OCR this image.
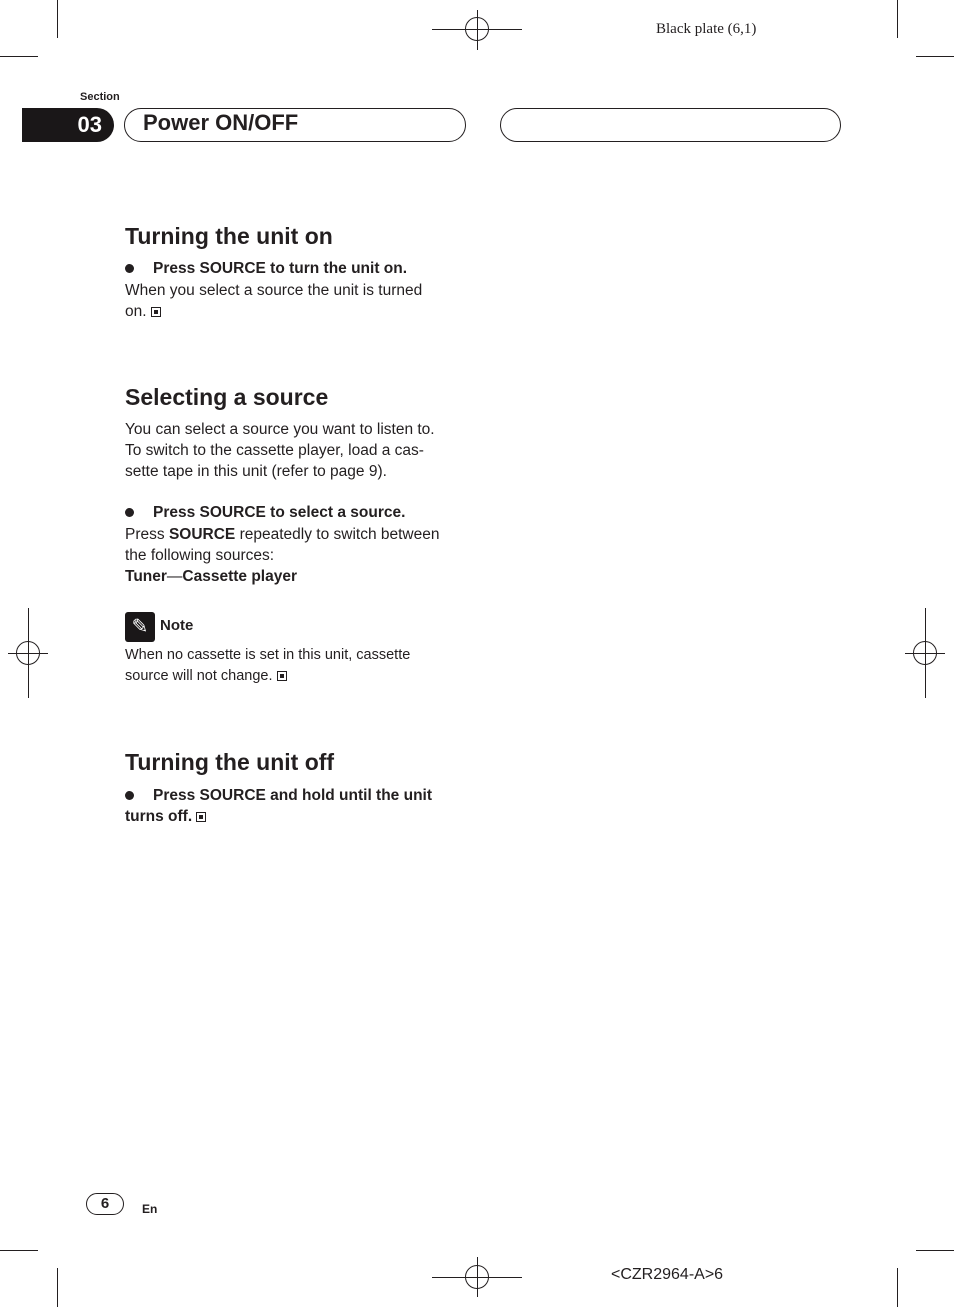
Black plate (6,1)
Section
03	Power ON/OFF
Turning the unit on
Press SOURCE to turn the unit on.
When you select a source the unit is turned
on.
Selecting a source
You can select a source you want to listen to.
To switch to the cassette player, load a cas-
sette tape in this unit (refer to page 9).
Press SOURCE to select a source.
Press SOURCE repeatedly to switch between
the following sources:
Tuner—Cassette player
✎ Note
When no cassette is set in this unit, cassette
source will not change.
Turning the unit off
Press SOURCE and hold until the unit
turns off.
6	En
<CZR2964-A>6
